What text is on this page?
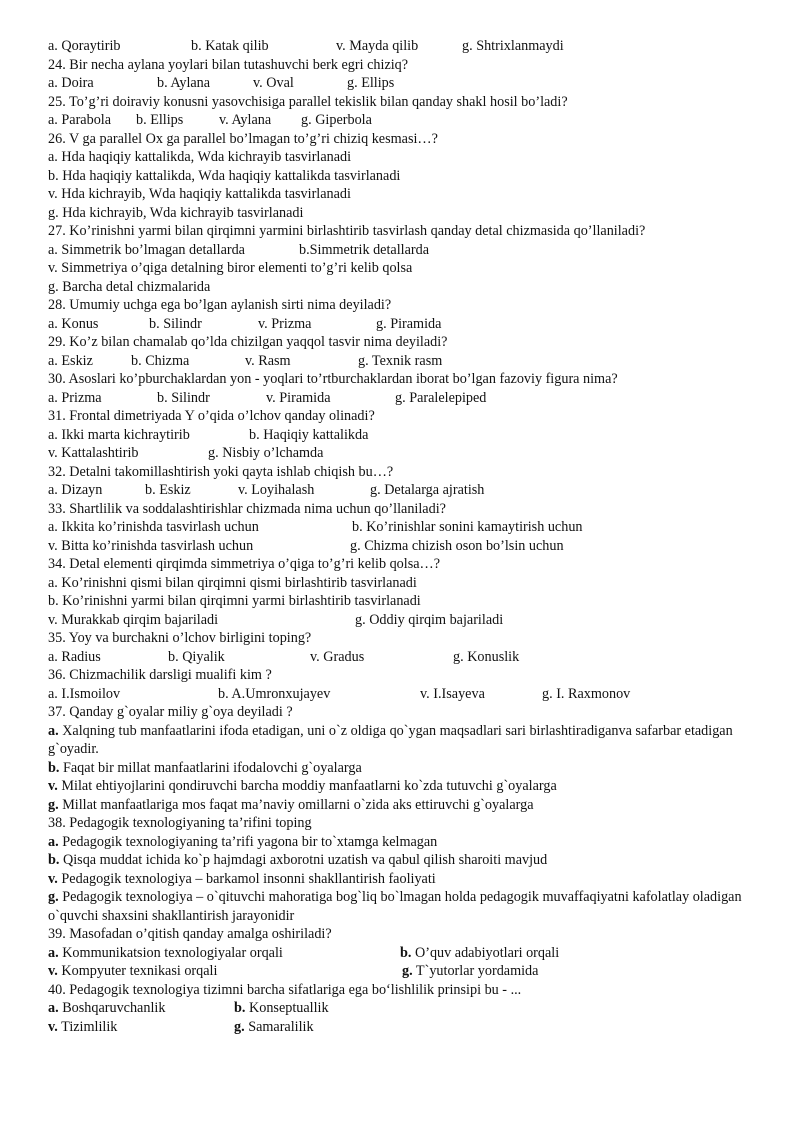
a. Qoraytirib	b. Katak qilib	v. Mayda qilib	g. Shtrixlanmaydi
24. Bir necha aylana yoylari bilan tutashuvchi berk egri chiziq?
a. Doira	b. Aylana	v. Oval	g. Ellips
25. To’g’ri doiraviy konusni yasovchisiga parallel tekislik bilan qanday shakl hosil bo’ladi?
a. Parabola b. Ellips	v. Aylana g. Giperbola
26. V ga parallel Ox ga parallel bo’lmagan to’g’ri chiziq kesmasi…?
a. Hda haqiqiy kattalikda, Wda kichrayib tasvirlanadi
b. Hda haqiqiy kattalikda, Wda haqiqiy kattalikda tasvirlanadi
v. Hda kichrayib, Wda haqiqiy kattalikda tasvirlanadi
g. Hda kichrayib, Wda kichrayib tasvirlanadi
27. Ko’rinishni yarmi bilan qirqimni yarmini birlashtirib tasvirlash qanday detal chizmasida qo’llaniladi?
a. Simmetrik bo’lmagan detallarda	b.Simmetrik detallarda
v. Simmetriya o’qiga detalning biror elementi to’g’ri kelib qolsa
g. Barcha detal chizmalarida
28. Umumiy uchga ega bo’lgan aylanish sirti nima deyiladi?
a. Konus	b. Silindr	v. Prizma	g. Piramida
29. Ko’z bilan chamalab qo’lda chizilgan yaqqol tasvir nima deyiladi?
a. Eskiz	b. Chizma	v. Rasm	g. Texnik rasm
30. Asoslari ko’pburchaklardan yon - yoqlari to’rtburchaklardan iborat bo’lgan fazoviy figura nima?
a. Prizma	b. Silindr	v. Piramida	g. Paralelepiped
31. Frontal dimetriyada Y o’qida o’lchov qanday olinadi?
a. Ikki marta kichraytirib	b. Haqiqiy kattalikda
v. Kattalashtirib	g. Nisbiy o’lchamda
32. Detalni takomillashtirish yoki qayta ishlab chiqish bu…?
a. Dizayn	b. Eskiz	v. Loyihalash	g. Detalarga ajratish
33. Shartlilik va soddalashtirishlar chizmada nima uchun qo’llaniladi?
a. Ikkita ko’rinishda tasvirlash uchun	b. Ko’rinishlar sonini kamaytirish uchun
v. Bitta ko’rinishda tasvirlash uchun	g. Chizma chizish oson bo’lsin uchun
34. Detal elementi qirqimda simmetriya o’qiga to’g’ri kelib qolsa…?
a. Ko’rinishni qismi bilan qirqimni qismi birlashtirib tasvirlanadi
b. Ko’rinishni yarmi bilan qirqimni yarmi birlashtirib tasvirlanadi
v. Murakkab qirqim bajariladi	g. Oddiy qirqim bajariladi
35. Yoy va burchakni o’lchov birligini toping?
a. Radius	b. Qiyalik	v. Gradus	g. Konuslik
36. Chizmachilik darsligi mualifi kim ?
a. I.Ismoilov	b. A.Umronxujayev	v. I.Isayeva	g. I. Raxmonov
37. Qanday g`oyalar miliy g`oya deyiladi ?
a. Xalqning tub manfaatlarini ifoda etadigan, uni o`z oldiga qo`ygan maqsadlari sari birlashtiradiganva safarbar etadigan g`oyadir.
b. Faqat bir millat manfaatlarini ifodalovchi g`oyalarga
v. Milat ehtiyojlarini qondiruvchi barcha moddiy manfaatlarni ko`zda tutuvchi g`oyalarga
g. Millat manfaatlariga mos faqat ma’naviy omillarni o`zida aks ettiruvchi g`oyalarga
38. Pedagogik texnologiyaning ta’rifini toping
a. Pedagogik texnologiyaning ta’rifi yagona bir to`xtamga kelmagan
b. Qisqa muddat ichida ko`p hajmdagi axborotni uzatish va qabul qilish sharoiti mavjud
v. Pedagogik texnologiya – barkamol insonni shakllantirish faoliyati
g. Pedagogik texnologiya – o`qituvchi mahoratiga bog`liq bo`lmagan holda pedagogik muvaffaqiyatni kafolatlay oladigan o`quvchi shaxsini shakllantirish jarayonidir
39. Masofadan o’qitish qanday amalga oshiriladi?
a. Kommunikatsion texnologiyalar orqali	b. O’quv adabiyotlari orqali
v. Kompyuter texnikasi orqali	g. T`yutorlar yordamida
40. Pedagogik texnologiya tizimni barcha sifatlariga ega bo‘lishlilik prinsipi bu - ...
a. Boshqaruvchanlik	b. Konseptuallik
v. Tizimlilik	g. Samaralilik
